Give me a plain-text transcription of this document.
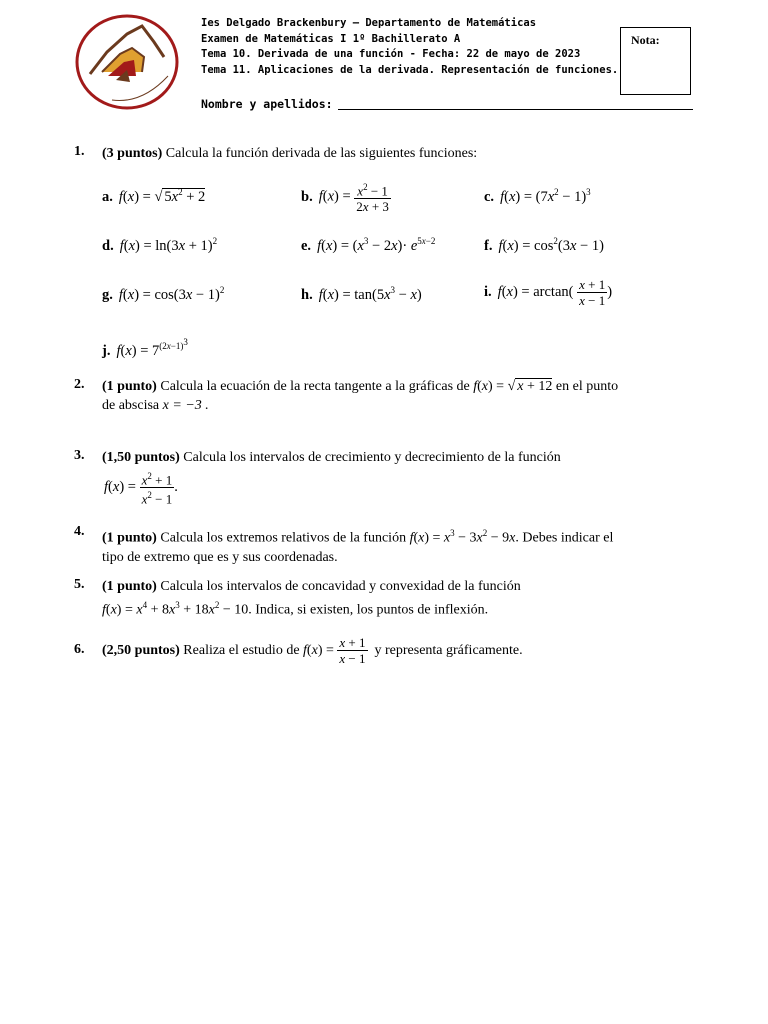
Ies Delgado Brackenbury – Departamento de Matemáticas
Examen de Matemáticas I 1º Bachillerato A
Tema 10. Derivada de una función - Fecha: 22 de mayo de 2023
Tema 11. Aplicaciones de la derivada. Representación de funciones.
Nombre y apellidos:
Nota:
1. (3 puntos) Calcula la función derivada de las siguientes funciones:
a. f(x) = √ $5x^2 + 2$	b. $f(x) = \frac{x^2 - 1}{2x + 3}$	c. $f(x) = (7x^2 - 1)^3$
d. $f(x) = \ln(3x + 1)^2$	e. $f(x) = (x^3 - 2x)\cdot e^{5x-2}$	f. $f(x) = \cos^2(3x - 1)$
g. $f(x) = \cos(3x - 1)^2$	h. $f(x) = \tan(5x^3 - x)$	i. $f(x) = \arctan( \frac{x + 1}{x - 1}$ )
j. $f(x) = 7^{(2x-1)^3}$
2. (1 punto) Calcula la ecuación de la recta tangente a la gráficas de f(x) = √ x + 12 en el punto
de abscisa x = −3 .
3. (1,50 puntos) Calcula los intervalos de crecimiento y decrecimiento de la función
$f(x) = \frac{x^2 + 1}{x^2 - 1}$ .
4. (1 punto) Calcula los extremos relativos de la función $f(x) = x^3 - 3x^2 - 9x$. Debes indicar el
tipo de extremo que es y sus coordenadas.
5. (1 punto) Calcula los intervalos de concavidad y convexidad de la función
$f(x) = x^4 + 8x^3 + 18x^2 - 10$. Indica, si existen, los puntos de inflexión.
6. (2,50 puntos) Realiza el estudio de $f(x) = \frac{x + 1}{x - 1}$ y representa gráficamente.
